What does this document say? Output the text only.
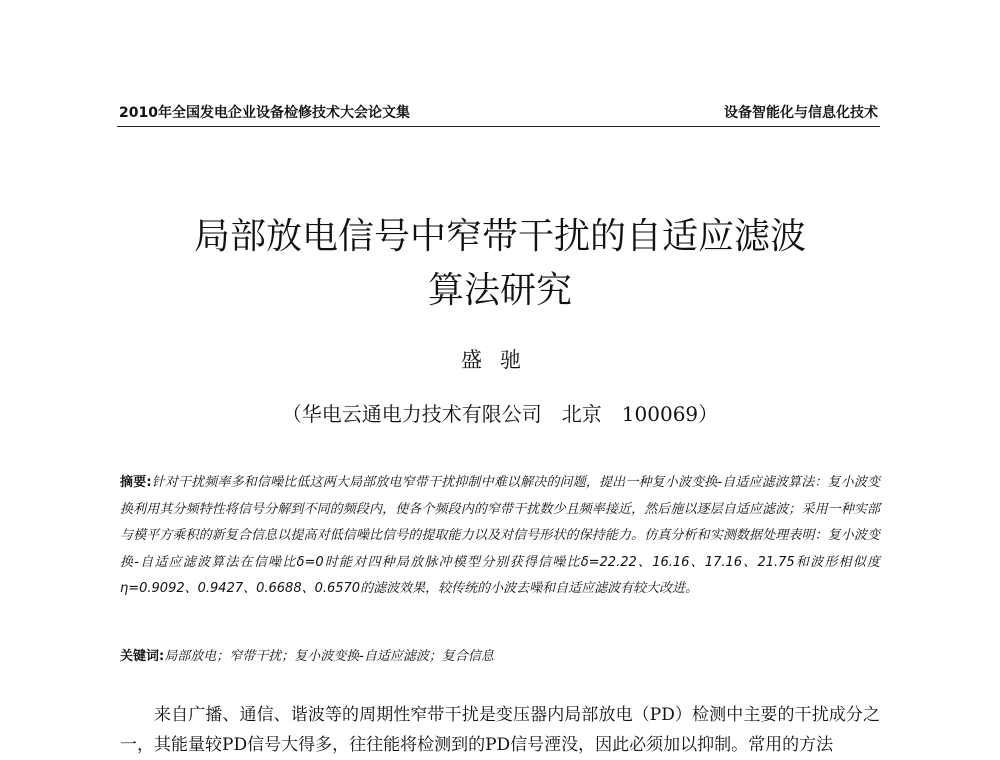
2010年全国发电企业设备检修技术大会论文集	设备智能化与信息化技术
局部放电信号中窄带干扰的自适应滤波
算法研究
盛驰
（华电云通电力技术有限公司　北京　100069）
摘要:针对干扰频率多和信噪比低这两大局部放电窄带干扰抑制中难以解决的问题，提出一种复小波变换-自适应滤波算法：复小波变换利用其分频特性将信号分解到不同的频段内，使各个频段内的窄带干扰数少且频率接近，然后施以逐层自适应滤波；采用一种实部与模平方乘积的新复合信息以提高对低信噪比信号的提取能力以及对信号形状的保持能力。仿真分析和实测数据处理表明：复小波变换-自适应滤波算法在信噪比δ=0时能对四种局放脉冲模型分别获得信噪比δ=22.22、16.16、17.16、21.75和波形相似度η=0.9092、0.9427、0.6688、0.6570的滤波效果，较传统的小波去噪和自适应滤波有较大改进。
关键词:局部放电；窄带干扰；复小波变换-自适应滤波；复合信息
来自广播、通信、谐波等的周期性窄带干扰是变压器内局部放电（PD）检测中主要的干扰成分之一，其能量较PD信号大得多，往往能将检测到的PD信号湮没，因此必须加以抑制。常用的方法
